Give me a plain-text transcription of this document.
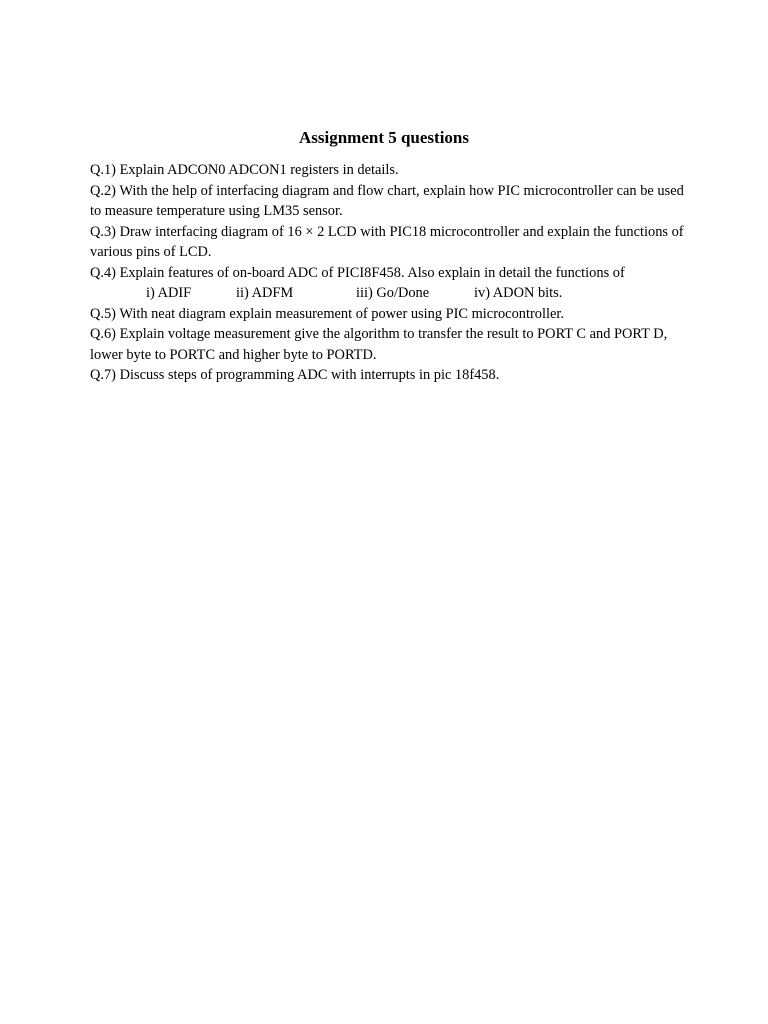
Assignment 5 questions

Q.1) Explain ADCON0 ADCON1 registers in details.

Q.2) With the help of interfacing diagram and flow chart, explain how PIC microcontroller can be used to measure temperature using LM35 sensor.

Q.3) Draw interfacing diagram of 16 × 2 LCD with PIC18 microcontroller and explain the functions of various pins of LCD.

Q.4) Explain features of on-board ADC of PICI8F458. Also explain in detail the functions of

i) ADIF	ii) ADFM	iii) Go/Done	iv) ADON bits.

Q.5) With neat diagram explain measurement of power using PIC microcontroller.

Q.6) Explain voltage measurement give the algorithm to transfer the result to PORT C and PORT D, lower byte to PORTC and higher byte to PORTD.

Q.7) Discuss steps of programming ADC with interrupts in pic 18f458.
